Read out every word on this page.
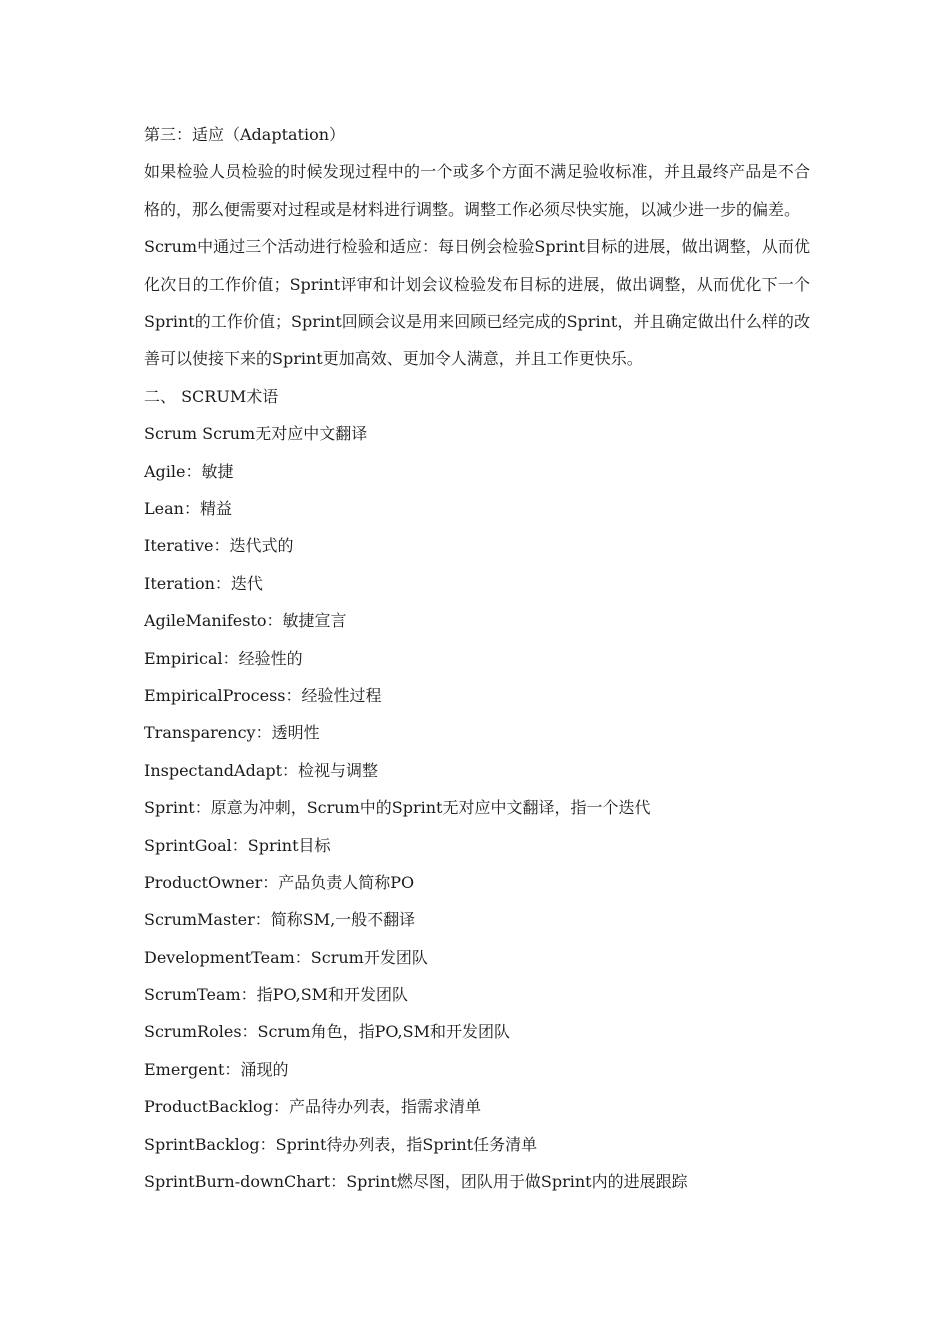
第三：适应（Adaptation）
如果检验人员检验的时候发现过程中的一个或多个方面不满足验收标准，并且最终产品是不合格的，那么便需要对过程或是材料进行调整。调整工作必须尽快实施，以减少进一步的偏差。
Scrum中通过三个活动进行检验和适应：每日例会检验Sprint目标的进展，做出调整，从而优化次日的工作价值；Sprint评审和计划会议检验发布目标的进展，做出调整，从而优化下一个Sprint的工作价值；Sprint回顾会议是用来回顾已经完成的Sprint，并且确定做出什么样的改善可以使接下来的Sprint更加高效、更加令人满意，并且工作更快乐。
二、 SCRUM术语
Scrum Scrum无对应中文翻译
Agile：敏捷
Lean：精益
Iterative：迭代式的
Iteration：迭代
AgileManifesto：敏捷宣言
Empirical：经验性的
EmpiricalProcess：经验性过程
Transparency：透明性
InspectandAdapt：检视与调整
Sprint：原意为冲刺，Scrum中的Sprint无对应中文翻译，指一个迭代
SprintGoal：Sprint目标
ProductOwner：产品负责人简称PO
ScrumMaster：简称SM,一般不翻译
DevelopmentTeam：Scrum开发团队
ScrumTeam：指PO,SM和开发团队
ScrumRoles：Scrum角色，指PO,SM和开发团队
Emergent：涌现的
ProductBacklog：产品待办列表，指需求清单
SprintBacklog：Sprint待办列表，指Sprint任务清单
SprintBurn-downChart：Sprint燃尽图，团队用于做Sprint内的进展跟踪
